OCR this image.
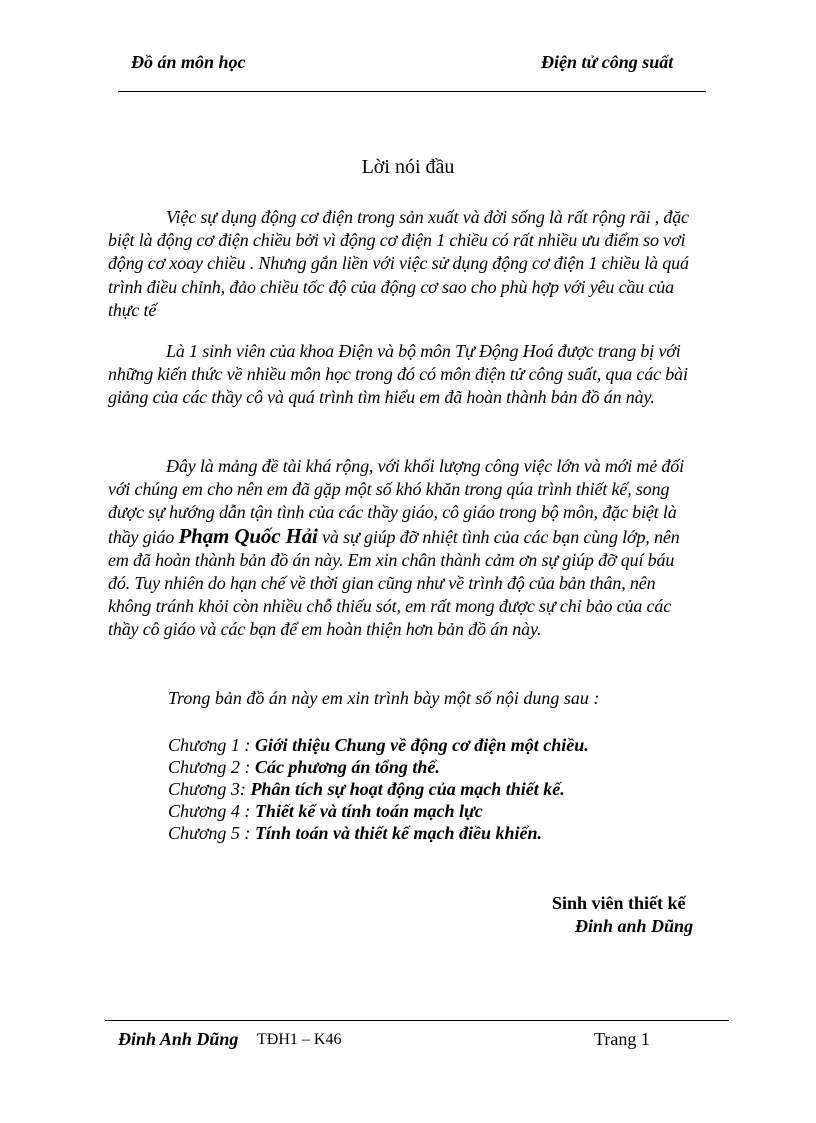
Đồ án môn học	Điện tử công suất
Lời nói đầu
Việc sự dụng động cơ điện trong sản xuất và đời sống là rất rộng rãi , đặc biệt là động cơ điện chiều bởi vì động cơ điện 1 chiều có rất nhiều ưu điểm so vơi động cơ xoay chiều . Nhưng gắn liền với việc sử dụng động cơ điện 1 chiều là quá trình điều chỉnh, đảo chiều tốc độ của động cơ sao cho phù hợp với yêu cầu của thực tế
Là 1 sinh viên của khoa Điện và bộ môn Tự Động Hoá được trang bị với những kiến thức về nhiều môn học trong đó có môn điện tử công suất, qua các bài giảng của các thầy cô và quá trình tìm hiểu em đã hoàn thành bản đồ án này.
Đây là mảng đề tài khá rộng, với khối lượng công việc lớn và mới mẻ đối với chúng em cho nên em đã gặp một số khó khăn trong qúa trình thiết kế, song được sự hướng dẫn tận tình của các thầy giáo, cô giáo trong bộ môn, đặc biệt là thầy giáo Phạm Quốc Hải và sự giúp đỡ nhiệt tình của các bạn cùng lớp, nên em đã hoàn thành bản đồ án này. Em xin chân thành cảm ơn sự giúp đỡ quí báu đó. Tuy nhiên do hạn chế về thời gian cũng như về trình độ của bản thân, nên không tránh khỏi còn nhiều chỗ thiếu sót, em rất mong được sự chỉ bảo của các thầy cô giáo và các bạn để em hoàn thiện hơn bản đồ án này.
Trong bản đồ án này em xin trình bày một số nội dung sau :
Chương 1 : Giới thiệu Chung về động cơ điện một chiều.
Chương 2 : Các phương án tổng thể.
Chương 3: Phân tích sự hoạt động của mạch thiết kế.
Chương 4 : Thiết kế và tính toán mạch lực
Chương 5 : Tính toán và thiết kế mạch điều khiển.
Sinh viên thiết kế
Đinh anh Dũng
Đinh Anh Dũng TĐH1 – K46	Trang 1
